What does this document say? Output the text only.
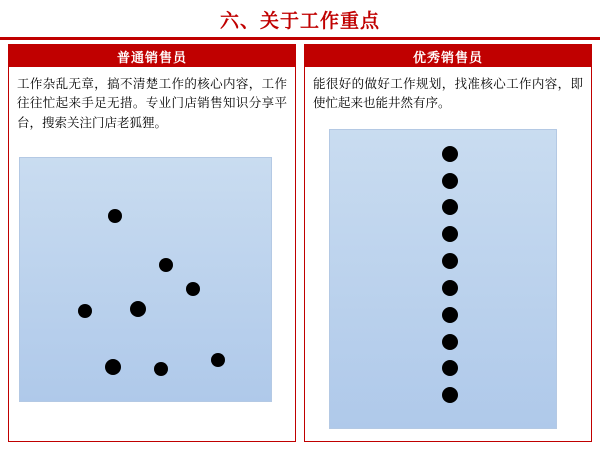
六、关于工作重点
普通销售员
工作杂乱无章，搞不清楚工作的核心内容，工作往往忙起来手足无措。专业门店销售知识分享平台，搜索关注门店老狐狸。
优秀销售员
能很好的做好工作规划，找准核心工作内容，即使忙起来也能井然有序。
